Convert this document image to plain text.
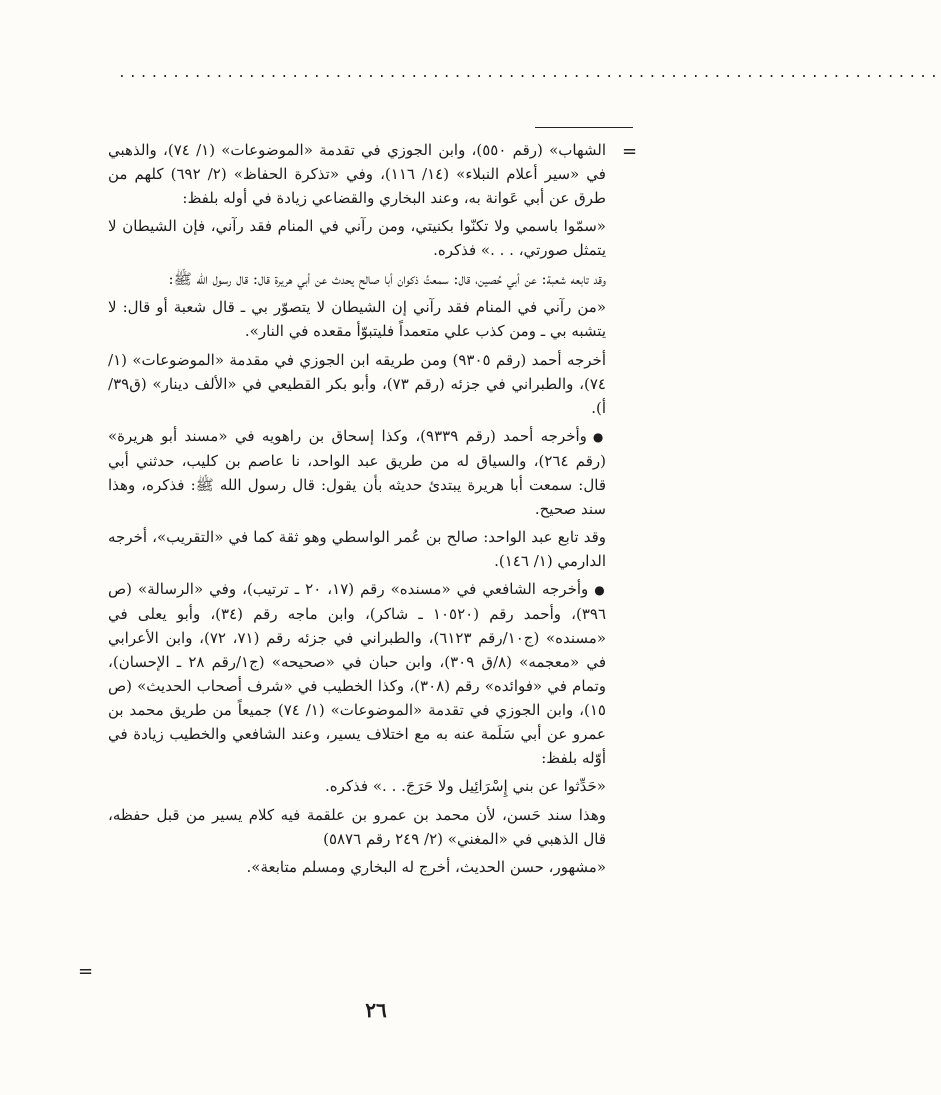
............................................................................
=

الشهاب» (رقم ٥٥٠)، وابن الجوزي في تقدمة «الموضوعات» (١/ ٧٤)، والذهبي في «سير أعلام النبلاء» (١٤/ ١١٦)، وفي «تذكرة الحفاظ» (٢/ ٦٩٢) كلهم من طرق عن أبي عَوانة به، وعند البخاري والقضاعي زيادة في أوله بلفظ:

«سمّوا باسمي ولا تكنّوا بكنيتي، ومن رآني في المنام فقد رآني، فإن الشيطان لا يتمثل صورتي، . . .» فذكره.

وقد تابعه شعبة: عن أبي حُصين، قال: سمعتُ ذكوان أبا صالح يحدث عن أبي هريرة قال: قال رسول الله ﷺ:

«من رآني في المنام فقد رآني إن الشيطان لا يتصوّر بي ـ قال شعبة أو قال: لا يتشبه بي ـ ومن كذب علي متعمداً فليتبوّأ مقعده في النار».

أخرجه أحمد (رقم ٩٣٠٥) ومن طريقه ابن الجوزي في مقدمة «الموضوعات» (١/ ٧٤)، والطبراني في جزئه (رقم ٧٣)، وأبو بكر القطيعي في «الألف دينار» (ق٣٩/ أ).

● وأخرجه أحمد (رقم ٩٣٣٩)، وكذا إسحاق بن راهويه في «مسند أبو هريرة» (رقم ٢٦٤)، والسياق له من طريق عبد الواحد، نا عاصم بن كليب، حدثني أبي قال: سمعت أبا هريرة يبتدئ حديثه بأن يقول: قال رسول الله ﷺ: فذكره، وهذا سند صحيح.

وقد تابع عبد الواحد: صالح بن عُمر الواسطي وهو ثقة كما في «التقريب»، أخرجه الدارمي (١/ ١٤٦).

● وأخرجه الشافعي في «مسنده» رقم (١٧، ٢٠ ـ ترتيب)، وفي «الرسالة» (ص ٣٩٦)، وأحمد رقم (١٠٥٢٠ ـ شاكر)، وابن ماجه رقم (٣٤)، وأبو يعلى في «مسنده» (ج١٠/رقم ٦١٢٣)، والطبراني في جزئه رقم (٧١، ٧٢)، وابن الأعرابي في «معجمه» (٨/ق ٣٠٩)، وابن حبان في «صحيحه» (ج١/رقم ٢٨ ـ الإحسان)، وتمام في «فوائده» رقم (٣٠٨)، وكذا الخطيب في «شرف أصحاب الحديث» (ص ١٥)، وابن الجوزي في تقدمة «الموضوعات» (١/ ٧٤) جميعاً من طريق محمد بن عمرو عن أبي سَلَمة عنه به مع اختلاف يسير، وعند الشافعي والخطيب زيادة في أوّله بلفظ:

«حَدِّثوا عن بني إِسْرَائِيل ولا حَرَجَ. . .» فذكره.

وهذا سند حَسن، لأن محمد بن عمرو بن علقمة فيه كلام يسير من قبل حفظه، قال الذهبي في «المغني» (٢/ ٢٤٩ رقم ٥٨٧٦)

«مشهور، حسن الحديث، أخرج له البخاري ومسلم متابعة».

=
٢٦
